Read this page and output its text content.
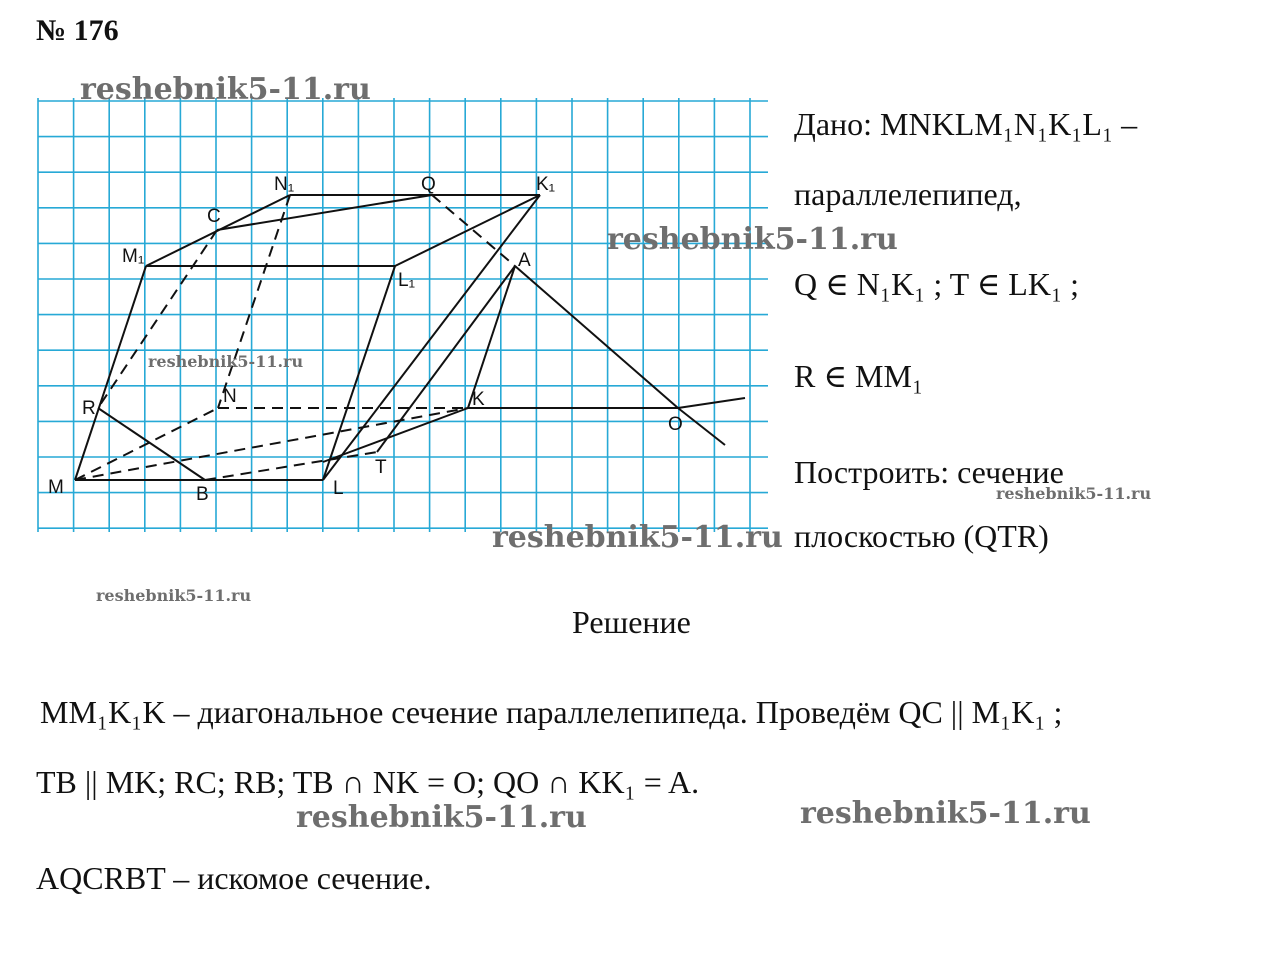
№ 176
N₁	Q	K₁
C
M₁
L₁
A
R
N	K
O
M	B	L
T
Дано: MNKLM₁N₁K₁L₁ –
параллелепипед,
Q ∈ N₁K₁ ; T ∈ LK₁ ;
R ∈ MM₁
Построить: сечение
плоскостью (QTR)
Решение
MM₁K₁K – диагональное сечение параллелепипеда. Проведём QC || M₁K₁ ;
TB || MK; RC; RB; TB ∩ NK = O; QO ∩ KK₁ = A.
AQCRBT – искомое сечение.
reshebnik5-11.ru
reshebnik5-11.ru
reshebnik5-11.ru
reshebnik5-11.ru
reshebnik5-11.ru
reshebnik5-11.ru
reshebnik5-11.ru	reshebnik5-11.ru
